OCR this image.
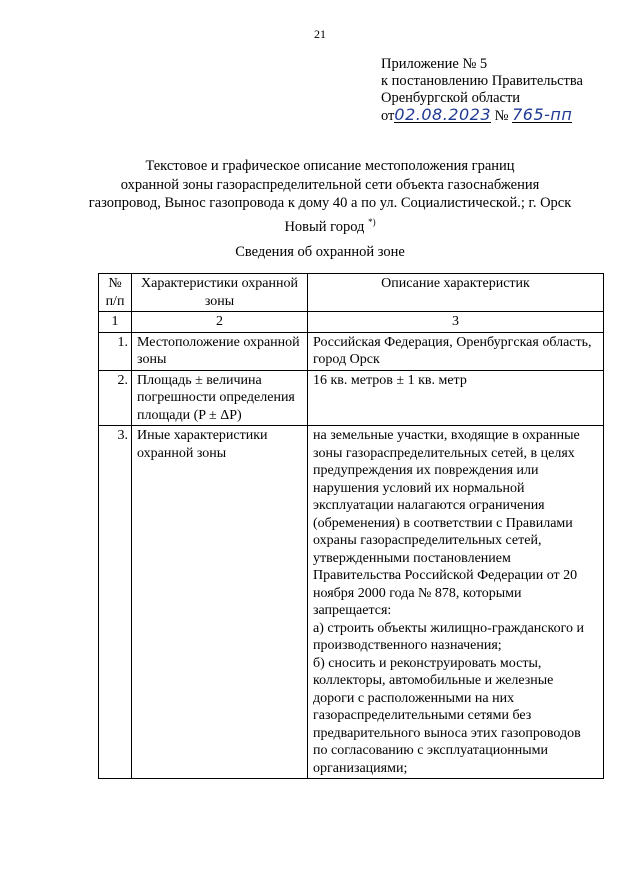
21
Приложение № 5
к постановлению Правительства
Оренбургской области
от02.08.2023 № 765-пп
Текстовое и графическое описание местоположения границ
охранной зоны газораспределительной сети объекта газоснабжения
газопровод, Вынос газопровода к дому 40 а по ул. Социалистической.; г. Орск
Новый город *)
Сведения об охранной зоне
№ п/п	Характеристики охранной зоны	Описание характеристик
1	2	3
1.	Местоположение охранной зоны	Российская Федерация, Оренбургская область, город Орск
2.	Площадь ± величина погрешности определения площади (P ± ΔP)	16 кв. метров ± 1 кв. метр
3.	Иные характеристики охранной зоны	на земельные участки, входящие в охранные зоны газораспределительных сетей, в целях предупреждения их повреждения или нарушения условий их нормальной эксплуатации налагаются ограничения (обременения) в соответствии с Правилами охраны газораспределительных сетей, утвержденными постановлением Правительства Российской Федерации от 20 ноября 2000 года № 878, которыми запрещается:
а) строить объекты жилищно-гражданского и производственного назначения;
б) сносить и реконструировать мосты, коллекторы, автомобильные и железные дороги с расположенными на них газораспределительными сетями без предварительного выноса этих газопроводов по согласованию с эксплуатационными организациями;
